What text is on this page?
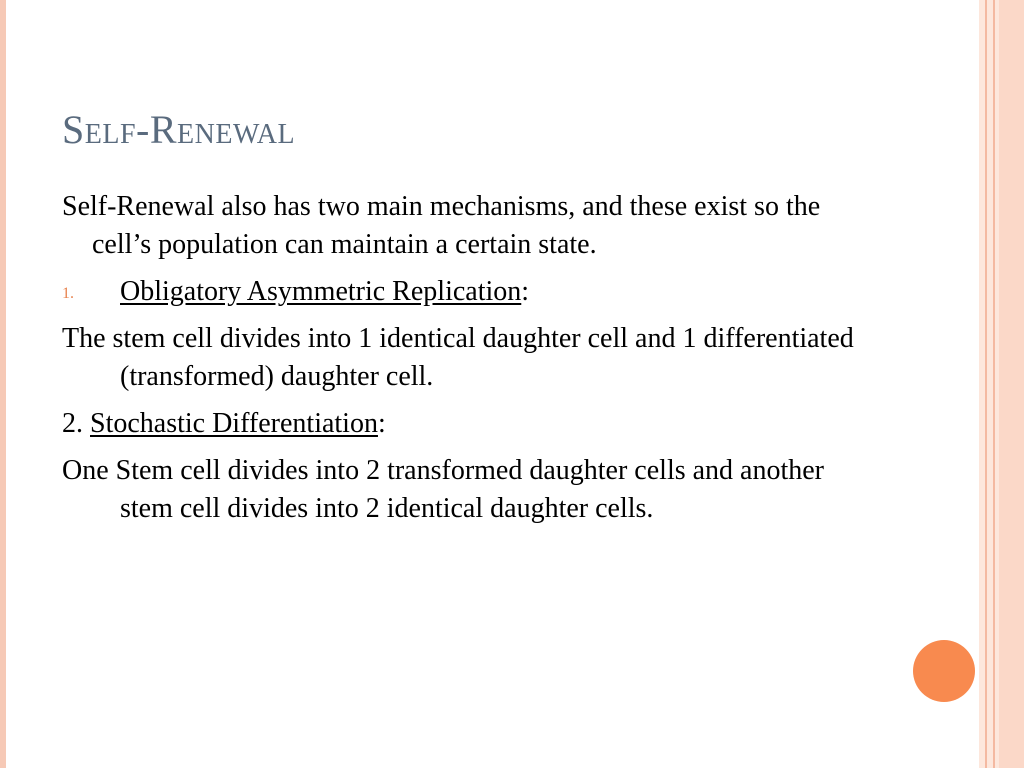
Self-Renewal

Self-Renewal also has two main mechanisms, and these exist so the cell’s population can maintain a certain state.

1. Obligatory Asymmetric Replication:

The stem cell divides into 1 identical daughter cell and 1 differentiated (transformed) daughter cell.

2. Stochastic Differentiation:

One Stem cell divides into 2 transformed daughter cells and another stem cell divides into 2 identical daughter cells.
